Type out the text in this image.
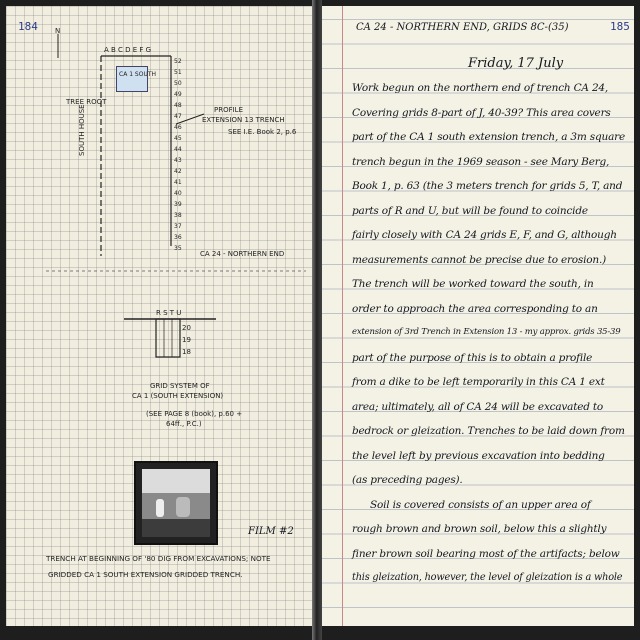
184 N
A B C D E F G
CA 1 SOUTH
52
51
50
49
48
47
46
45
44
43
42
41
40
39
38
37
36
35
TREE ROOT
SOUTH HOUSE	PROFILE
EXTENSION 13 TRENCH
SEE I.E. Book 2, p.6
CA 24 - NORTHERN END
R S T U
20
19
18
GRID SYSTEM OF
CA 1 (SOUTH EXTENSION)
(SEE PAGE 8 (book), p.60 +
64ff., P.C.)
FILM #2
TRENCH AT BEGINNING OF '80 DIG FROM EXCAVATIONS; NOTE
GRIDDED CA 1 SOUTH EXTENSION GRIDDED TRENCH.
185
CA 24 - NORTHERN END, GRIDS 8C-(35)
Friday, 17 July
Work begun on the northern end of trench CA 24,
Covering grids 8-part of J, 40-39? This area covers
part of the CA 1 south extension trench, a 3m square
trench begun in the 1969 season - see Mary Berg,
Book 1, p. 63 (the 3 meters trench for grids 5, T, and
parts of R and U, but will be found to coincide
fairly closely with CA 24 grids E, F, and G, although
measurements cannot be precise due to erosion.)
The trench will be worked toward the south, in
order to approach the area corresponding to an
extension of 3rd Trench in Extension 13 - my approx. grids 35-39
part of the purpose of this is to obtain a profile
from a dike to be left temporarily in this CA 1 ext
area; ultimately, all of CA 24 will be excavated to
bedrock or gleization. Trenches to be laid down from
the level left by previous excavation into bedding
(as preceding pages).
Soil is covered consists of an upper area of
rough brown and brown soil, below this a slightly
finer brown soil bearing most of the artifacts; below
this gleization, however, the level of gleization is a whole
